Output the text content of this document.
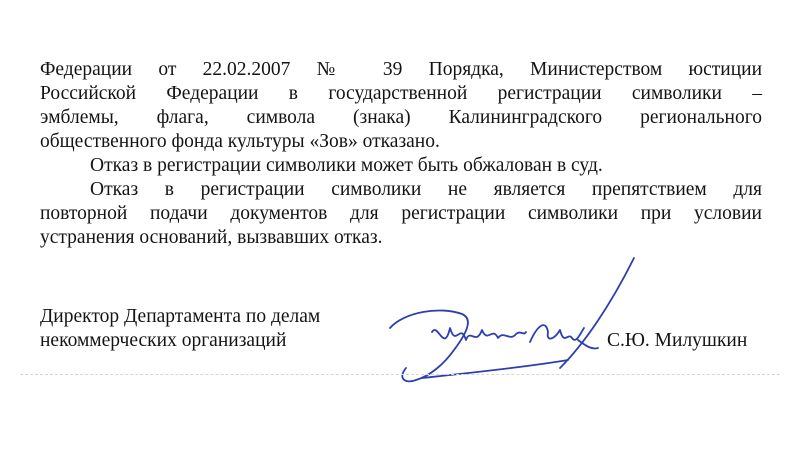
Федерации от 22.02.2007 № 39 Порядка, Министерством юстиции
Российской Федерации в государственной регистрации символики –
эмблемы, флага, символа (знака) Калининградского регионального
общественного фонда культуры «Зов» отказано.
Отказ в регистрации символики может быть обжалован в суд.
Отказ в регистрации символики не является препятствием для
повторной подачи документов для регистрации символики при условии
устранения оснований, вызвавших отказ.
Директор Департамента по делам
некоммерческих организаций	С.Ю. Милушкин
